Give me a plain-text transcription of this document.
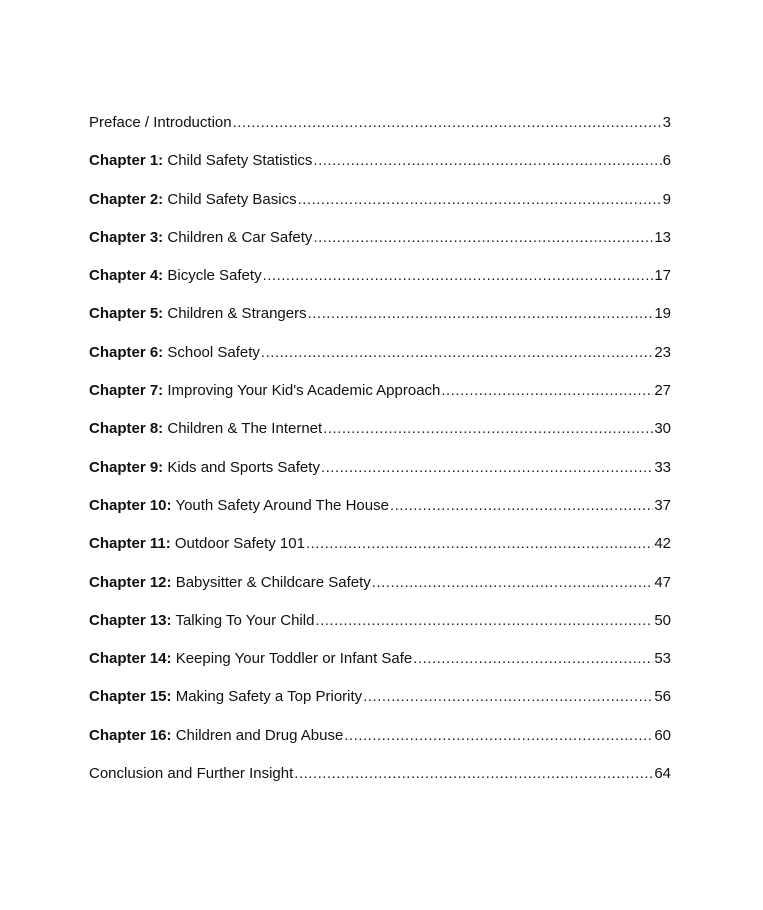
Preface / Introduction .....	3
Chapter 1: Child Safety Statistics .....	6
Chapter 2: Child Safety Basics .....	9
Chapter 3: Children & Car Safety .....	13
Chapter 4: Bicycle Safety .....	17
Chapter 5: Children & Strangers .....	19
Chapter 6: School Safety .....	23
Chapter 7: Improving Your Kid's Academic Approach .....	27
Chapter 8: Children & The Internet .....	30
Chapter 9: Kids and Sports Safety .....	33
Chapter 10: Youth Safety Around The House .....	37
Chapter 11: Outdoor Safety 101 .....	42
Chapter 12: Babysitter & Childcare Safety .....	47
Chapter 13: Talking To Your Child .....	50
Chapter 14: Keeping Your Toddler or Infant Safe .....	53
Chapter 15: Making Safety a Top Priority .....	56
Chapter 16: Children and Drug Abuse .....	60
Conclusion and Further Insight .....	64
